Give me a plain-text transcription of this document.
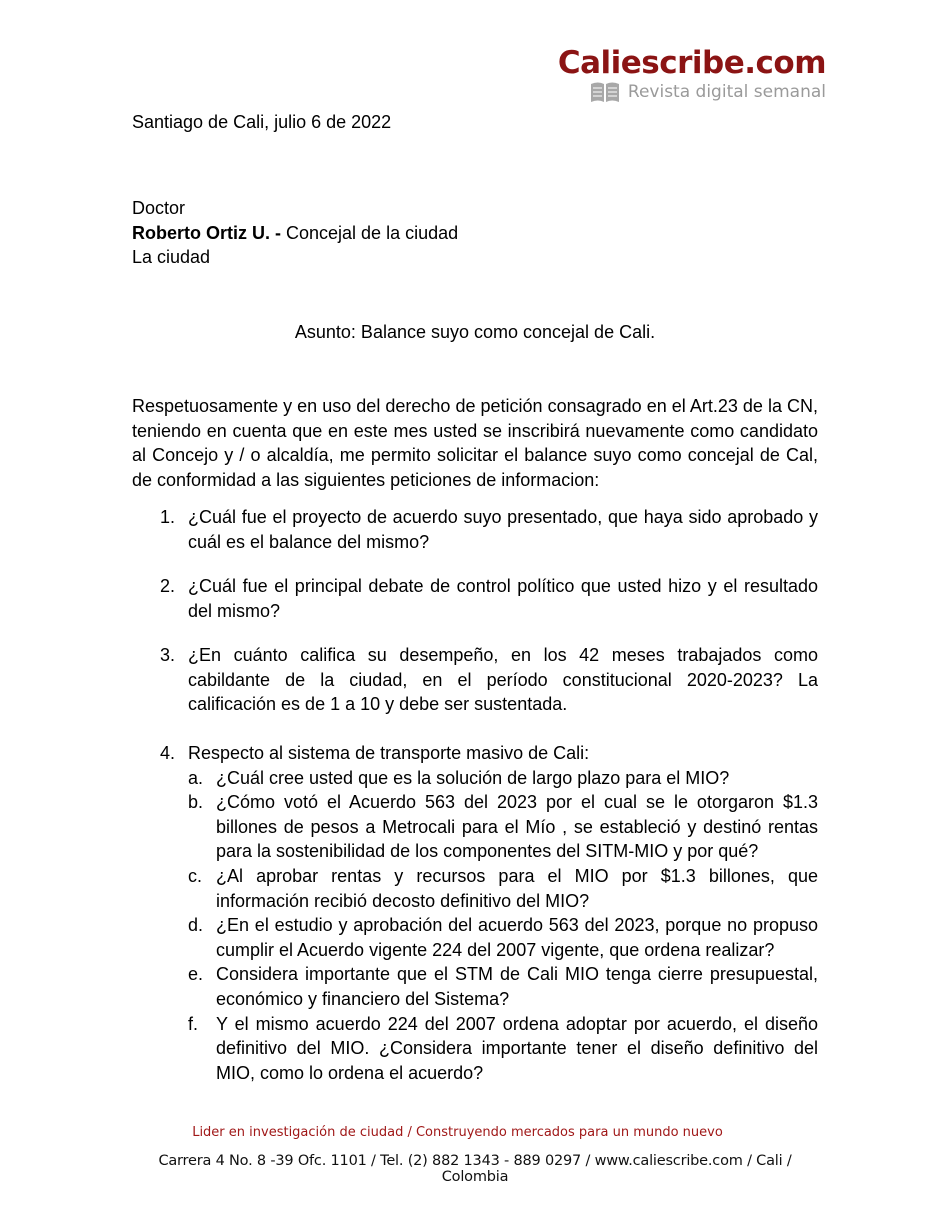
Caliescribe.com
Revista digital semanal
Santiago de Cali, julio 6 de 2022
Doctor
Roberto Ortiz U. - Concejal de la ciudad
La ciudad
Asunto: Balance suyo como concejal de Cali.
Respetuosamente y en uso del derecho de petición consagrado en el Art.23 de la CN, teniendo en cuenta que en este mes usted se inscribirá nuevamente como candidato al Concejo y / o alcaldía, me permito solicitar el balance suyo como concejal de Cal, de conformidad a las siguientes peticiones de informacion:
1. ¿Cuál fue el proyecto de acuerdo suyo presentado, que haya sido aprobado y cuál es el balance del mismo?
2. ¿Cuál fue el principal debate de control político que usted hizo y el resultado del mismo?
3. ¿En cuánto califica su desempeño, en los 42 meses trabajados como cabildante de la ciudad, en el período constitucional 2020-2023? La calificación es de 1 a 10 y debe ser sustentada.
4. Respecto al sistema de transporte masivo de Cali:
a. ¿Cuál cree usted que es la solución de largo plazo para el MIO?
b. ¿Cómo votó el Acuerdo 563 del 2023 por el cual se le otorgaron $1.3 billones de pesos a Metrocali para el Mío , se estableció y destinó rentas para la sostenibilidad de los componentes del SITM-MIO y por qué?
c. ¿Al aprobar rentas y recursos para el MIO por $1.3 billones, que información recibió decosto definitivo del MIO?
d. ¿En el estudio y aprobación del acuerdo 563 del 2023, porque no propuso cumplir el Acuerdo vigente 224 del 2007 vigente, que ordena realizar?
e. Considera importante que el STM de Cali MIO tenga cierre presupuestal, económico y financiero del Sistema?
f. Y el mismo acuerdo 224 del 2007 ordena adoptar por acuerdo, el diseño definitivo del MIO. ¿Considera importante tener el diseño definitivo del MIO, como lo ordena el acuerdo?
Lider en investigación de ciudad / Construyendo mercados para un mundo nuevo
Carrera 4 No. 8 -39 Ofc. 1101 / Tel. (2) 882 1343 - 889 0297 / www.caliescribe.com / Cali / Colombia
